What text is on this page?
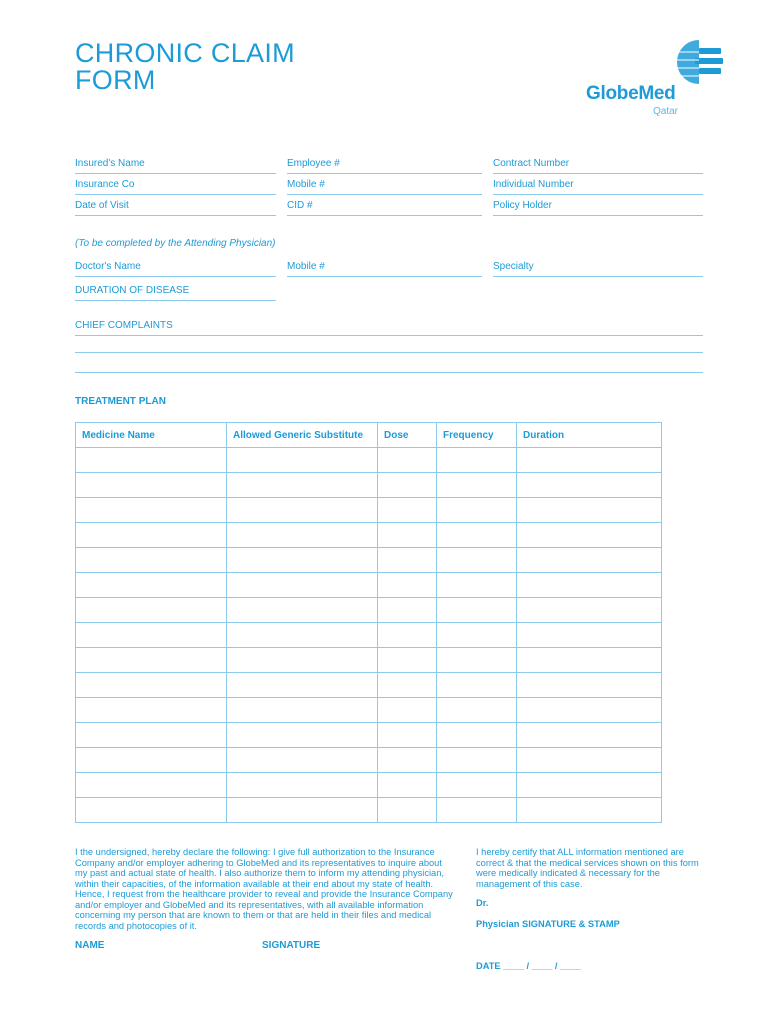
CHRONIC CLAIM
FORM	GlobeMed
Qatar
Insured's Name	Employee #	Contract Number
Insurance Co	Mobile #	Individual Number
Date of Visit	CID #	Policy Holder
(To be completed by the Attending Physician)
Doctor's Name	Mobile #	Specialty
DURATION OF DISEASE
CHIEF COMPLAINTS
TREATMENT PLAN
Medicine Name	Allowed Generic Substitute	Dose	Frequency	Duration

I the undersigned, hereby declare the following: I give full authorization to the Insurance Company and/or employer adhering to GlobeMed and its representatives to inquire about my past and actual state of health. I also authorize them to inform my attending physician, within their capacities, of the information available at their end about my state of health. Hence, I request from the healthcare provider to reveal and provide the Insurance Company and/or employer and GlobeMed and its representatives, with all available information concerning my person that are known to them or that are held in their files and medical records and photocopies of it.
NAME	SIGNATURE
I hereby certify that ALL information mentioned are correct & that the medical services shown on this form were medically indicated & necessary for the management of this case.
Dr.
Physician SIGNATURE & STAMP
DATE ____ / ____ / ____
